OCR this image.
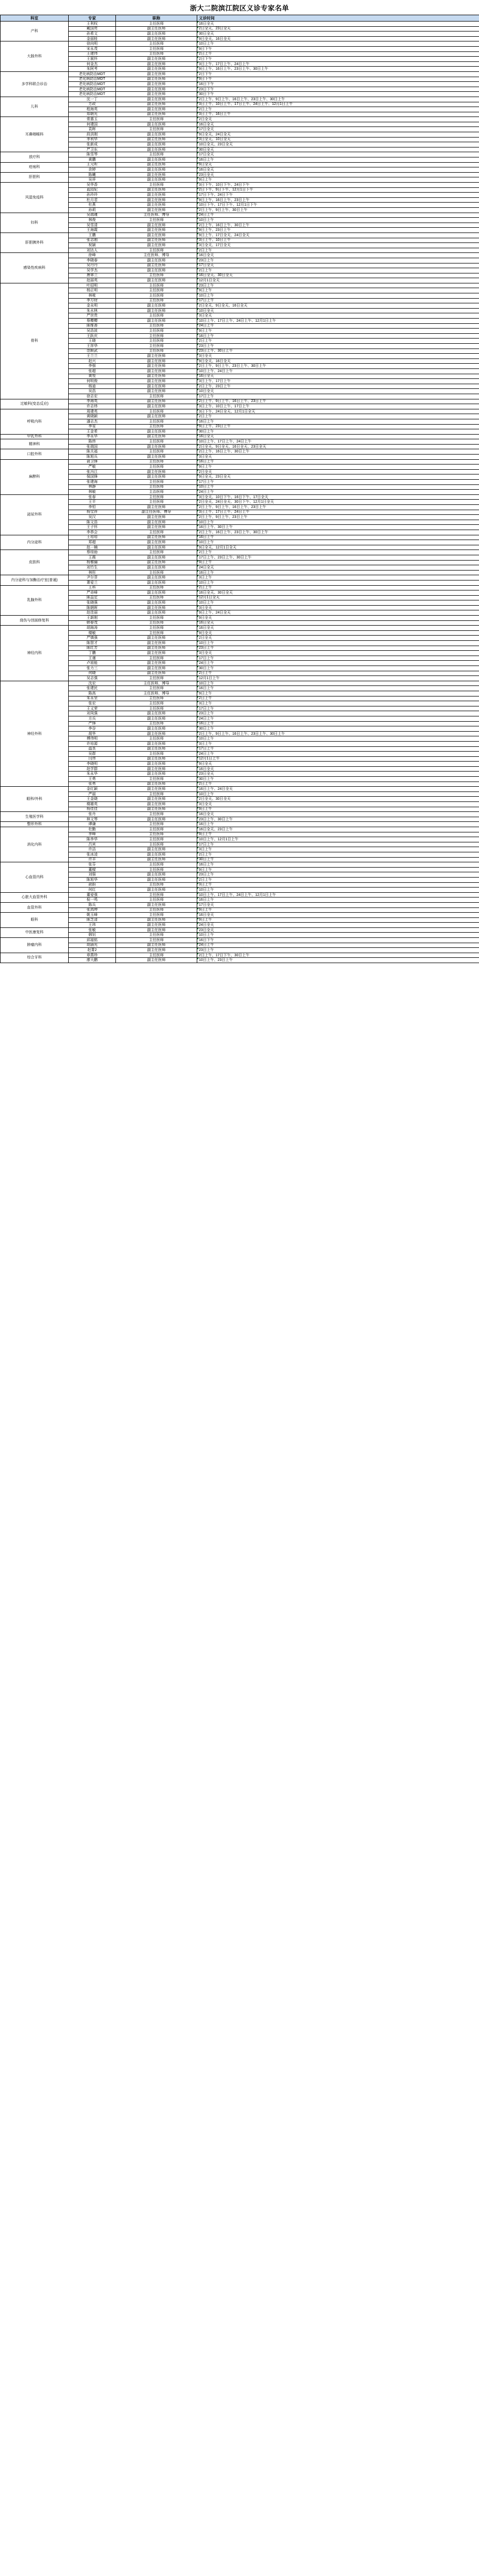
浙大二院滨江院区义诊专家名单
科室	专家	职称	义诊时间
产科	王利权	主任医师	16日全天
	戴国亮	副主任医师	2日全天、23日全天
	孙希文	副主任医师	30日全天
	金丽桂	副主任医师	9日全天、16日全天
大肠外科	徐向明	主任医师	10日上午
	宋永茂	主任医师	9日下午
	王建伟	主任医师	2日上午
	王展怀	副主任医师	2日下午
	何金杰	副主任医师	3日上午、17日上午、24日上午
	朱阿考	副主任医师	9日上午、16日上午、23日上午、30日上午
多学科联合诊治	老化病防治MDT	副主任医师	2日下午
	老化病防治MDT	副主任医师	9日下午
	老化病防治MDT	副主任医师	16日下午
	老化病防治MDT	副主任医师	23日下午
	老化病防治MDT	副主任医师	30日下午
儿科	沈一丁	副主任医师	2日上午、9日上午、16日上午、23日上午、30日上午
	万政	副主任医师	3日上午、10日上午、17日上午、24日上午、12月1日上午
	程海英	副主任医师	2日上午
	郑朝光	副主任医师	3日上午、16日上午
耳鼻咽喉科	常惠玉	主任医师	2日全天
	何建国	副主任医师	16日全天
	袁晖	主任医师	17日全天
	段洪刚	副主任医师	9日全天、24日全天
	季利华	副主任医师	3日全天、10日全天
	张新成	副主任医师	10日全天、23日全天
	严卫东	副主任医师	30日全天
放疗科	陈雪琴	主任医师	17日全天
	黄鹏	副主任医师	16日上午
疮疡科	王元昕	副主任医师	9日全天
	余婷	副主任医师	16日全天
肝胆科	陈曦	副主任医师	23日全天
	吴祥	副主任医师	9日上午
风湿免疫科	吴华香	主任医师	3日下午、10日下午、24日下午
	蓝园妃	副主任医师	2日下午、9日下午、12月1日下午
	孙玲玲	副主任医师	17日下午、24日下午
	杜月君	副主任医师	9日上午、16日上午、23日上午
	杜燕	副主任医师	10日下午、17日下午、12月1日下午
	孙莉	副主任医师	2日上午、9日上午、30日上午
妇科	吴瑞瑾	主任医师、博导	24日上午
	林俊	主任医师	10日上午
	吴雪清	副主任医师	2日上午、16日上午、30日上午
	王海霞	副主任医师	9日上午、23日上午
肝胆胰外科	王鹏	副主任医师	9日上午、17日全天、24日全天
	张志刚	副主任医师	3日上午、10日上午
	祝颖	副主任医师	3日全天、17日全天
	刘达人	主任医师	2日上午
感染性疾病科	徐峰	主任医师、博导	16日全天
	李晓春	副主任医师	23日上午
	吴丹丹	副主任医师	17日全天
	吴学杰	副主任医师	2日上午
	唐翠兰	主任医师	16日全天、30日全天
	赵丽英	副主任医师	12月1日全天
骨科	叶招明	主任医师	23日上午
	杨正明	主任医师	9日上午
	林秾	主任医师	10日上午
	李方财	主任医师	17日上午
	金永明	副主任医师	2日全天、9日全天、16日全天
	朱水林	副主任医师	10日全天
	严世贵	主任医师	3日全天
	蔡樱樱	副主任医师	10日上午、17日上午、24日上午、12月1日上午
	陈维善	主任医师	24日上午
	吴浩波	主任医师	9日上午
	王跃庆	主任医师	16日上午
	王晓	主任医师	2日上午
	王祥华	主任医师	23日上午
	范顺武	主任医师	23日上午、30日上午
	王兰兰	副主任医师	3日全天
	赵兴	副主任医师	9日全天、16日全天
	李强	副主任医师	2日上午、9日上午、23日上午、30日上午
	张超	副主任医师	10日上午、24日上午
	黄悦	副主任医师	16日全天
	何明俊	副主任医师	3日上午、17日上午
	杨迪	副主任医师	2日上午、23日上午
	吴浩	副主任医师	10日全天
	徐志宏	主任医师	17日上午
过敏科(变态反应)	李海英	副主任医师	2日上午、9日上午、16日上午、23日上午
	许志炜	副主任医师	3日上午、10日上午、17日上午
呼吸内科	周建英	主任医师	3日下午、24日全天、12月1日全天
	黄晓颖	副主任医师	2日上午
	潘志杰	主任医师	16日上午
	李雯	主任医师	9日上午、23日上午
	王金希	副主任医师	30日上午
甲乳外科	李永华	副主任医师	16日全天
精神科	陈炜	主任医师	10日上午、17日上午、24日上午
	张瑞国	副主任医师	2日全天、9日全天、16日全天、23日全天
口腔外科	陈关福	主任医师	2日上午、16日上午、30日上午
	陈旭兵	副主任医师	3日全天
麻醉科	俞卫锋	主任医师	16日上午
	严敏	主任医师	9日上午
	张冯江	副主任医师	2日全天
	保国锋	副主任医师	9日全天、23日全天
	张建海	主任医师	17日上午
	林静	主任医师	10日上午
	林敏	主治医师	24日上午
泌尿外科	张春	主任医师	3日全天、10日下午、16日下午、17日全天
	王平	主任医师	2日全天、24日全天、30日下午、12月1日全天
	李恒	副主任医师	2日上午、9日上午、16日上午、23日上午
	杨宝祥	副主任医师、博导	3日上午、17日上午、24日上午
	吴汉	副主任医师	2日上午、9日上午、23日上午
	陈文浩	副主任医师	10日上午
	王子怀	副主任医师	16日上午、30日上午
	李恭会	主任医师	2日上午、16日上午、23日上午、30日上午
内分泌科	王培培	副主任医师	16日上午
	郑超	副主任医师	10日上午
	赵一楠	副主任医师	9日全天、12月1日全天
皮肤科	蔡绥勍	主任医师	2日上午
	王薇	副主任医师	17日上午、23日上午、30日上午
	杨雅骊	副主任医师	9日上午
	刘竹生	副主任医师	24日全天
	林彤	主任医师	16日上午
内分泌科与加酶治疗室(普通)	尹尔菲	副主任医师	3日上午
	萧爱兰	副主任医师	10日上午
乳腺外科	王科	主任医师	2日上午
	严奇峰	副主任医师	16日全天、30日全天
	陈益定	主任医师	12月1日全天
	张晓强	副主任医师	10日上午
	陈朝晖	副主任医师	3日全天
	赵佳丽	副主任医师	9日上午、24日全天
烧伤与创面修复科	王新刚	主任医师	9日全天
	韩春茂	主任医师	16日全天
神经内科	胡海涛	主任医师	16日全天
	楼敏	主任医师	9日全天
	严慎强	副主任医师	2日全天
	陈智才	副主任医师	10日上午
	陈红芳	副主任医师	23日上午
	丁鹏	副主任医师	3日全天
	王谨	主任医师	17日上午
	卢祖能	副主任医师	24日上午
	张力三	副主任医师	30日上午
	何晓	副主任医师	2日上午
	吴志强	主任医师	12月1日上午
神经外科	沈宏	主任医师、博导	10日上午
	张建民	主任医师	16日上午
	陈高	主任医师、博导	9日上午
	朱永坚	主任医师	2日上午
	张宏	主任医师	3日上午
	王义荣	主任医师	17日上午
	刘凤强	副主任医师	23日上午
	方兵	副主任医师	24日上午
	严锋	主任医师	16日上午
	李谷	副主任医师	30日上午
	胡华	副主任医师	2日上午、9日上午、16日上午、23日上午、30日上午
	傅伟明	主任医师	10日上午
	许培源	副主任医师	3日上午
	温良	副主任医师	17日上午
	吴群	主任医师	24日上午
	闫伟	副主任医师	12月1日上午
	李晓明	副主任医师	9日全天
	赵学群	副主任医师	16日全天
	朱永华	副主任医师	23日全天
	王勇	主任医师	30日上午
	张勇	副主任医师	2日上午
眼科/外科	金红颖	副主任医师	16日上午、24日全天
	严丽	主任医师	10日上午
	王金晓	副主任医师	2日全天、30日全天
	楼雄英	副主任医师	3日全天
	杨佳佳	副主任医师	9日上午
生殖医学科	张丹	主任医师	16日全天
	林文琴	副主任医师	23日上午、30日上午
整形外科	谭谦	主任医师	16日上午
消化内科	杜勤	主任医师	16日全天、23日上午
	季峰	主任医师	9日上午
	陈李华	主任医师	10日上午、12月1日上午
	吕宾	主任医师	17日上午
	许洁	副主任医师	3日上午
	张冰凌	副主任医师	2日上午
	许丰	副主任医师	30日上午
心血管内科	张芬	主任医师	16日上午
	董樑	主任医师	9日上午
	刘强	副主任医师	23日上午
	陈旭华	副主任医师	2日上午
	俞蔚	主任医师	3日上午
	何红	副主任医师	10日上午
心脏大血管外科	董爱强	主任医师	10日上午、17日上午、24日上午、12月1日上午
	倪一鸣	主任医师	16日上午
血管外科	陈兵	副主任医师	17日全天
	张鸿坤	主任医师	9日上午
眼科	姚玉峰	主任医师	16日全天
	陈芝清	副主任医师	9日上午
	王玮	副主任医师	24日全天
中医康复科	张敏	副主任医师	23日全天
	韩钊	主任医师	10日上午
肿瘤内科	邱福铭	主任医师	16日下午
	胡涵光	副主任医师	24日上午
	赵菁2	副主任医师	23日上午
综合牙科	章燕珍	主任医师	2日上午、17日下午、30日上午
	廖大鹏	副主任医师	10日上午、23日上午
